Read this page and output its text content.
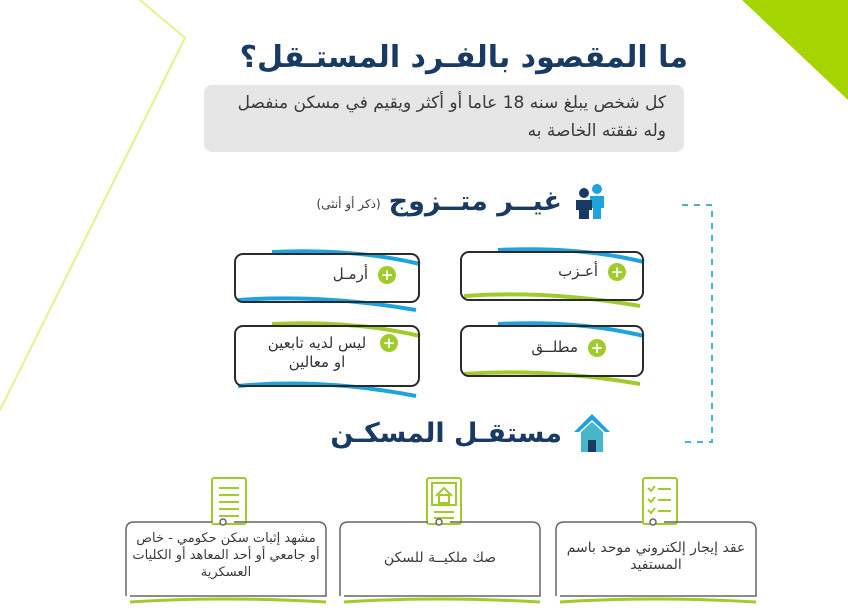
ما المقصود بالفـرد المستـقل؟
كل شخص يبلغ سنه 18 عاما أو أكثر ويقيم في مسكن منفصل وله نفقته الخاصة به
غيــر متــزوج
(ذكر أو أنثى)
+
أعـزب
+
أرمـل
+
مطلــق
+
ليس لديه تابعين او معالين
مستقـل المسكـن
عقد إيجار إلكتروني موحد باسم المستفيد
صك ملكيــة للسكن
مشهد إثبات سكن حكومي - خاص أو جامعي أو أحد المعاهد أو الكليات العسكرية
